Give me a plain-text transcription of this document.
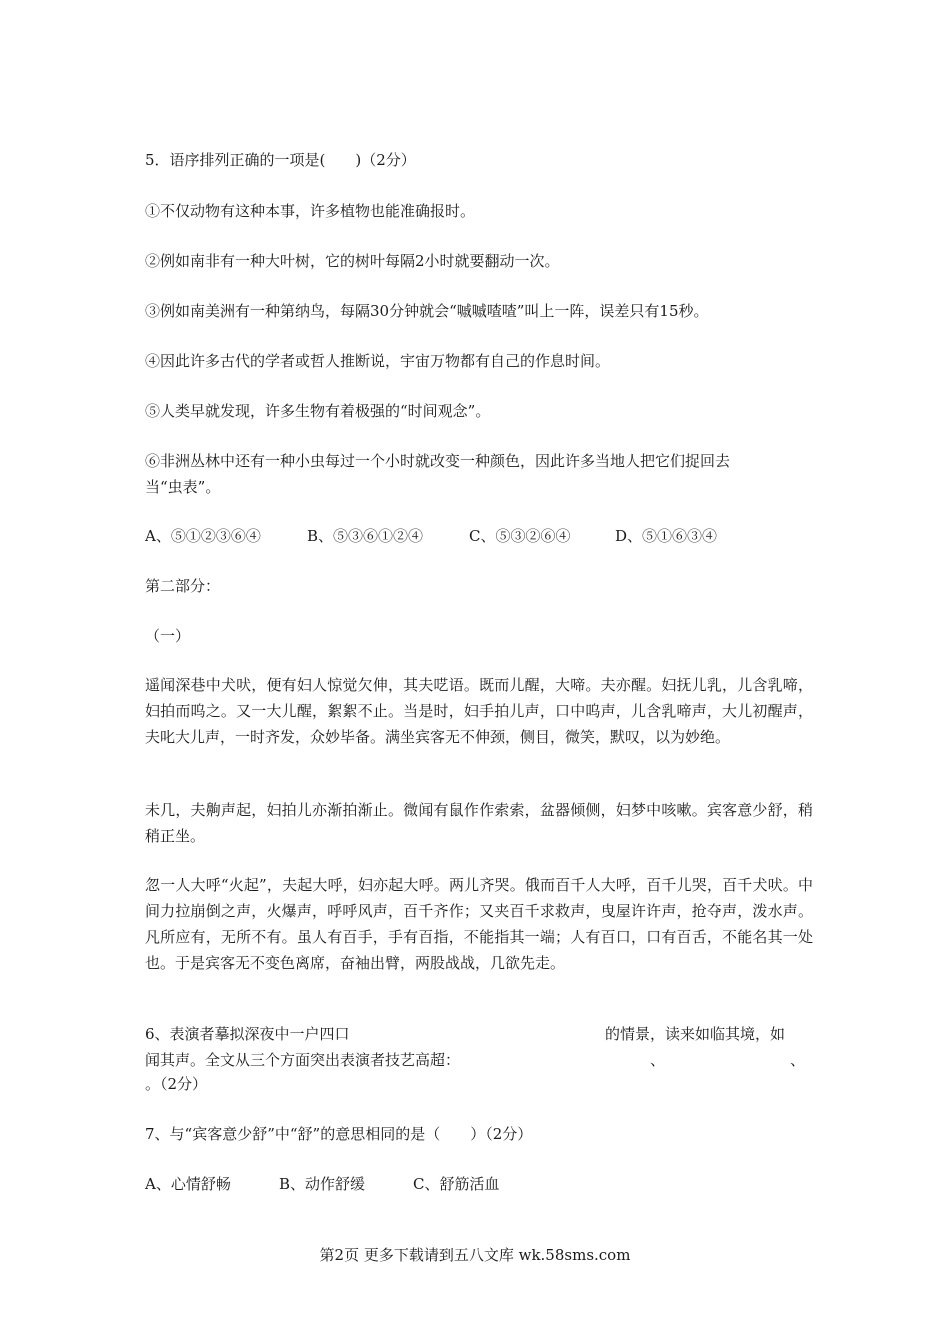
5．语序排列正确的一项是(　　)（2分）
①不仅动物有这种本事，许多植物也能准确报时。
②例如南非有一种大叶树，它的树叶每隔2小时就要翻动一次。
③例如南美洲有一种第纳鸟，每隔30分钟就会“嘁嘁喳喳”叫上一阵，误差只有15秒。
④因此许多古代的学者或哲人推断说，宇宙万物都有自己的作息时间。
⑤人类早就发现，许多生物有着极强的“时间观念”。
⑥非洲丛林中还有一种小虫每过一个小时就改变一种颜色，因此许多当地人把它们捉回去
当“虫表”。
A、⑤①②③⑥④	B、⑤③⑥①②④	C、⑤③②⑥④	D、⑤①⑥③④
第二部分：
（一）
遥闻深巷中犬吠，便有妇人惊觉欠伸，其夫呓语。既而儿醒，大啼。夫亦醒。妇抚儿乳，儿含乳啼，妇拍而呜之。又一大儿醒，絮絮不止。当是时，妇手拍儿声，口中呜声，儿含乳啼声，大儿初醒声，夫叱大儿声，一时齐发，众妙毕备。满坐宾客无不伸颈，侧目，微笑，默叹，以为妙绝。
未几，夫齁声起，妇拍儿亦渐拍渐止。微闻有鼠作作索索，盆器倾侧，妇梦中咳嗽。宾客意少舒，稍稍正坐。
忽一人大呼“火起”，夫起大呼，妇亦起大呼。两儿齐哭。俄而百千人大呼，百千儿哭，百千犬吠。中间力拉崩倒之声，火爆声，呼呼风声，百千齐作；又夹百千求救声，曳屋许许声，抢夺声，泼水声。凡所应有，无所不有。虽人有百手，手有百指，不能指其一端；人有百口，口有百舌，不能名其一处也。于是宾客无不变色离席，奋袖出臂，两股战战，几欲先走。
6、表演者摹拟深夜中一户四口	的情景，读来如临其境，如
闻其声。全文从三个方面突出表演者技艺高超：	、	、
。（2分）
7、与“宾客意少舒”中“舒”的意思相同的是（　　）（2分）
A、心情舒畅	B、动作舒缓	C、舒筋活血
第2页 更多下载请到五八文库 wk.58sms.com
